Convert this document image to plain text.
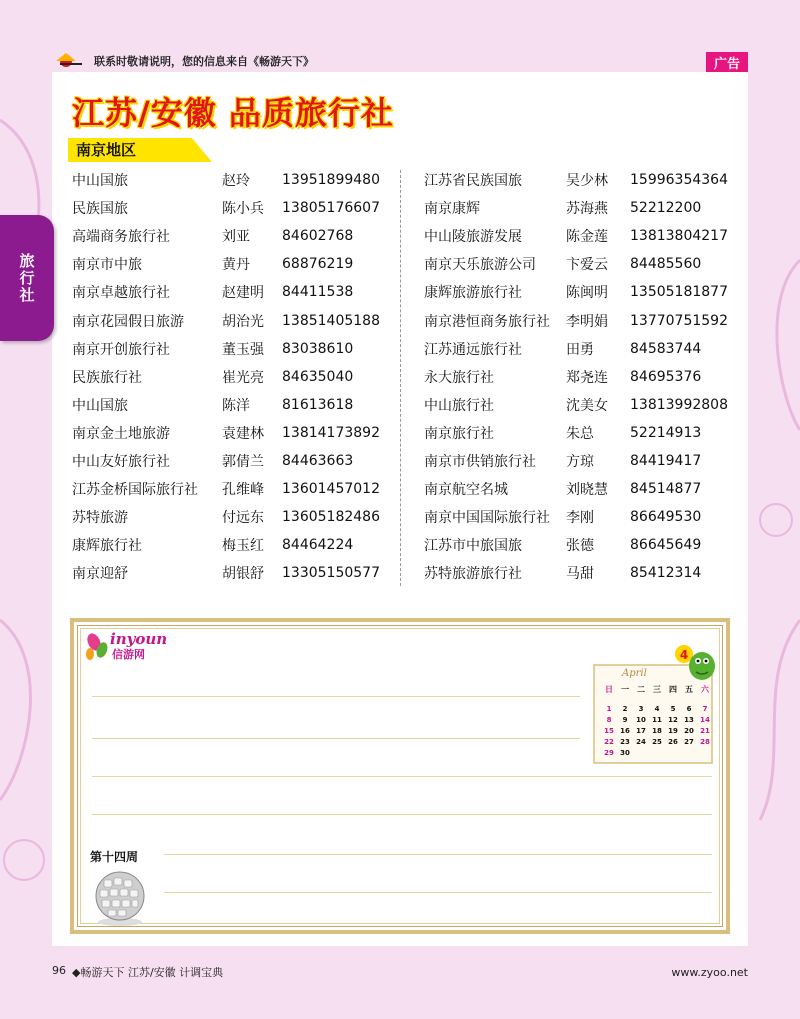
联系时敬请说明，您的信息来自《畅游天下》	广告
旅行社
江苏/安徽 品质旅行社
南京地区
中山国旅	赵玲	13951899480
民族国旅	陈小兵	13805176607
高端商务旅行社	刘亚	84602768
南京市中旅	黄丹	68876219
南京卓越旅行社	赵建明	84411538
南京花园假日旅游	胡治光	13851405188
南京开创旅行社	董玉强	83038610
民族旅行社	崔光亮	84635040
中山国旅	陈洋	81613618
南京金土地旅游	袁建林	13814173892
中山友好旅行社	郭倩兰	84463663
江苏金桥国际旅行社	孔维峰	13601457012
苏特旅游	付远东	13605182486
康辉旅行社	梅玉红	84464224
南京迎舒	胡银舒	13305150577
江苏省民族国旅	吴少林	15996354364
南京康辉	苏海燕	52212200
中山陵旅游发展	陈金莲	13813804217
南京天乐旅游公司	卞爱云	84485560
康辉旅游旅行社	陈闽明	13505181877
南京港恒商务旅行社	李明娟	13770751592
江苏通远旅行社	田勇	84583744
永大旅行社	郑尧连	84695376
中山旅行社	沈美女	13813992808
南京旅行社	朱总	52214913
南京市供销旅行社	方琼	84419417
南京航空名城	刘晓慧	84514877
南京中国国际旅行社	李刚	86649530
江苏市中旅国旅	张德	86645649
苏特旅游旅行社	马甜	85412314
inyoun
信游网
第十四周
4
April
日	一	二	三	四	五	六
1	2	3	4	5	6	7
8	9	10 11 12 13 14
15 16 17 18 19 20 21
22 23 24 25 26 27 28
29 30
96 ◆畅游天下 江苏/安徽 计调宝典	www.zyoo.net
